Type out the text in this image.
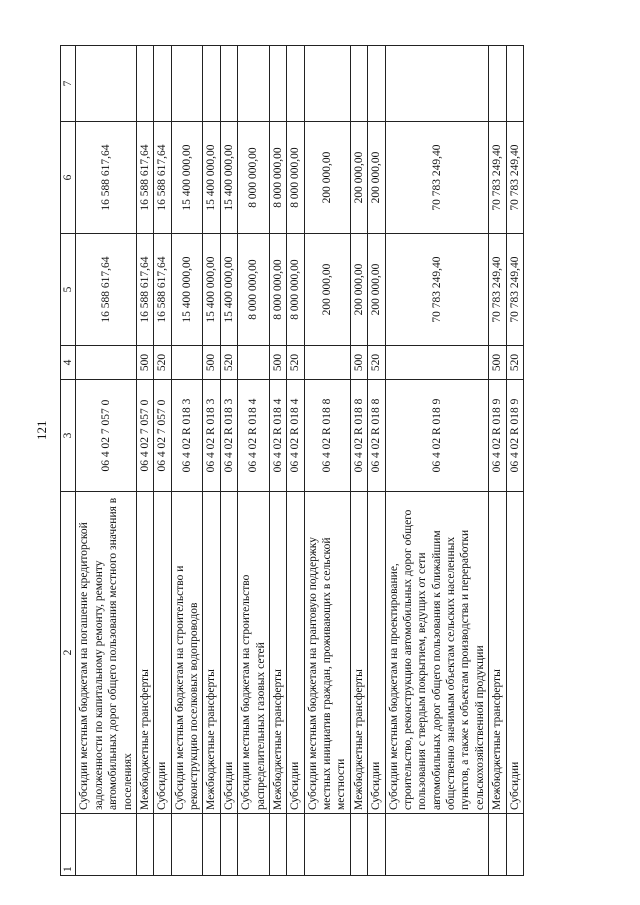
121
1	2	3	4	5	6	7
	Субсидии местным бюджетам на погашение кредиторской задолженности по капитальному ремонту, ремонту автомобильных дорог общего пользования местного значения в поселениях	06 4 02 7 057 0		16 588 617,64	16 588 617,64	
	Межбюджетные трансферты	06 4 02 7 057 0	500	16 588 617,64	16 588 617,64	
	Субсидии	06 4 02 7 057 0	520	16 588 617,64	16 588 617,64	
	Субсидии местным бюджетам на строительство и реконструкцию поселковых водопроводов	06 4 02 R 018 3		15 400 000,00	15 400 000,00	
	Межбюджетные трансферты	06 4 02 R 018 3	500	15 400 000,00	15 400 000,00	
	Субсидии	06 4 02 R 018 3	520	15 400 000,00	15 400 000,00	
	Субсидии местным бюджетам на строительство распределительных газовых сетей	06 4 02 R 018 4		8 000 000,00	8 000 000,00	
	Межбюджетные трансферты	06 4 02 R 018 4	500	8 000 000,00	8 000 000,00	
	Субсидии	06 4 02 R 018 4	520	8 000 000,00	8 000 000,00	
	Субсидии местным бюджетам на грантовую поддержку местных инициатив граждан, проживающих в сельской местности	06 4 02 R 018 8		200 000,00	200 000,00	
	Межбюджетные трансферты	06 4 02 R 018 8	500	200 000,00	200 000,00	
	Субсидии	06 4 02 R 018 8	520	200 000,00	200 000,00	
	Субсидии местным бюджетам на проектирование, строительство, реконструкцию автомобильных дорог общего пользования с твердым покрытием, ведущих от сети автомобильных дорог общего пользования к ближайшим общественно значимым объектам сельских населенных пунктов, а также к объектам производства и переработки сельскохозяйственной продукции	06 4 02 R 018 9		70 783 249,40	70 783 249,40	
	Межбюджетные трансферты	06 4 02 R 018 9	500	70 783 249,40	70 783 249,40	
	Субсидии	06 4 02 R 018 9	520	70 783 249,40	70 783 249,40	
